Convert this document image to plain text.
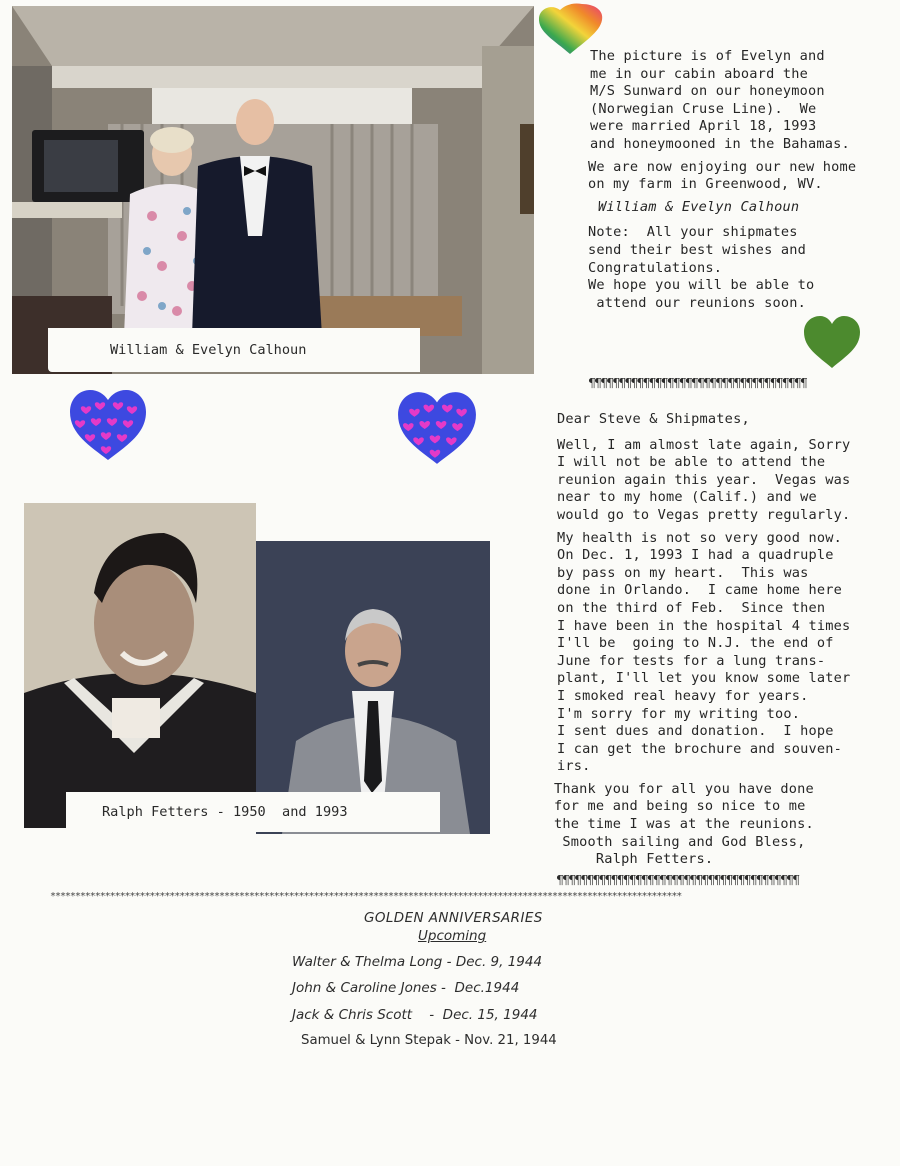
William & Evelyn Calhoun

The picture is of Evelyn and
me in our cabin aboard the
M/S Sunward on our honeymoon
(Norwegian Cruse Line).  We
were married April 18, 1993
and honeymooned in the Bahamas.

We are now enjoying our new home
on my farm in Greenwood, WV.

William & Evelyn Calhoun

Note:  All your shipmates
send their best wishes and
Congratulations.
We hope you will be able to
attend our reunions soon.

¶¶¶¶¶¶¶¶¶¶¶¶¶¶¶¶¶¶¶¶¶¶¶¶¶¶¶¶¶¶¶¶¶¶¶¶

Dear Steve & Shipmates,

Well, I am almost late again, Sorry
I will not be able to attend the
reunion again this year.  Vegas was
near to my home (Calif.) and we
would go to Vegas pretty regularly.

My health is not so very good now.
On Dec. 1, 1993 I had a quadruple
by pass on my heart.  This was
done in Orlando.  I came home here
on the third of Feb.  Since then
I have been in the hospital 4 times
I'll be  going to N.J. the end of
June for tests for a lung trans-
plant, I'll let you know some later
I smoked real heavy for years.
I'm sorry for my writing too.
I sent dues and donation.  I hope
I can get the brochure and souven-
irs.

Thank you for all you have done
for me and being so nice to me
the time I was at the reunions.
Smooth sailing and God Bless,
Ralph Fetters.

Ralph Fetters - 1950  and 1993
¶¶¶¶¶¶¶¶¶¶¶¶¶¶¶¶¶¶¶¶¶¶¶¶¶¶¶¶¶¶¶¶¶¶¶¶¶¶¶¶
*******************************************************************************************************************************
GOLDEN ANNIVERSARIES
Upcoming
Walter & Thelma Long - Dec. 9, 1944
John & Caroline Jones -  Dec.1944
Jack & Chris Scott    -  Dec. 15, 1944
Samuel & Lynn Stepak - Nov. 21, 1944
